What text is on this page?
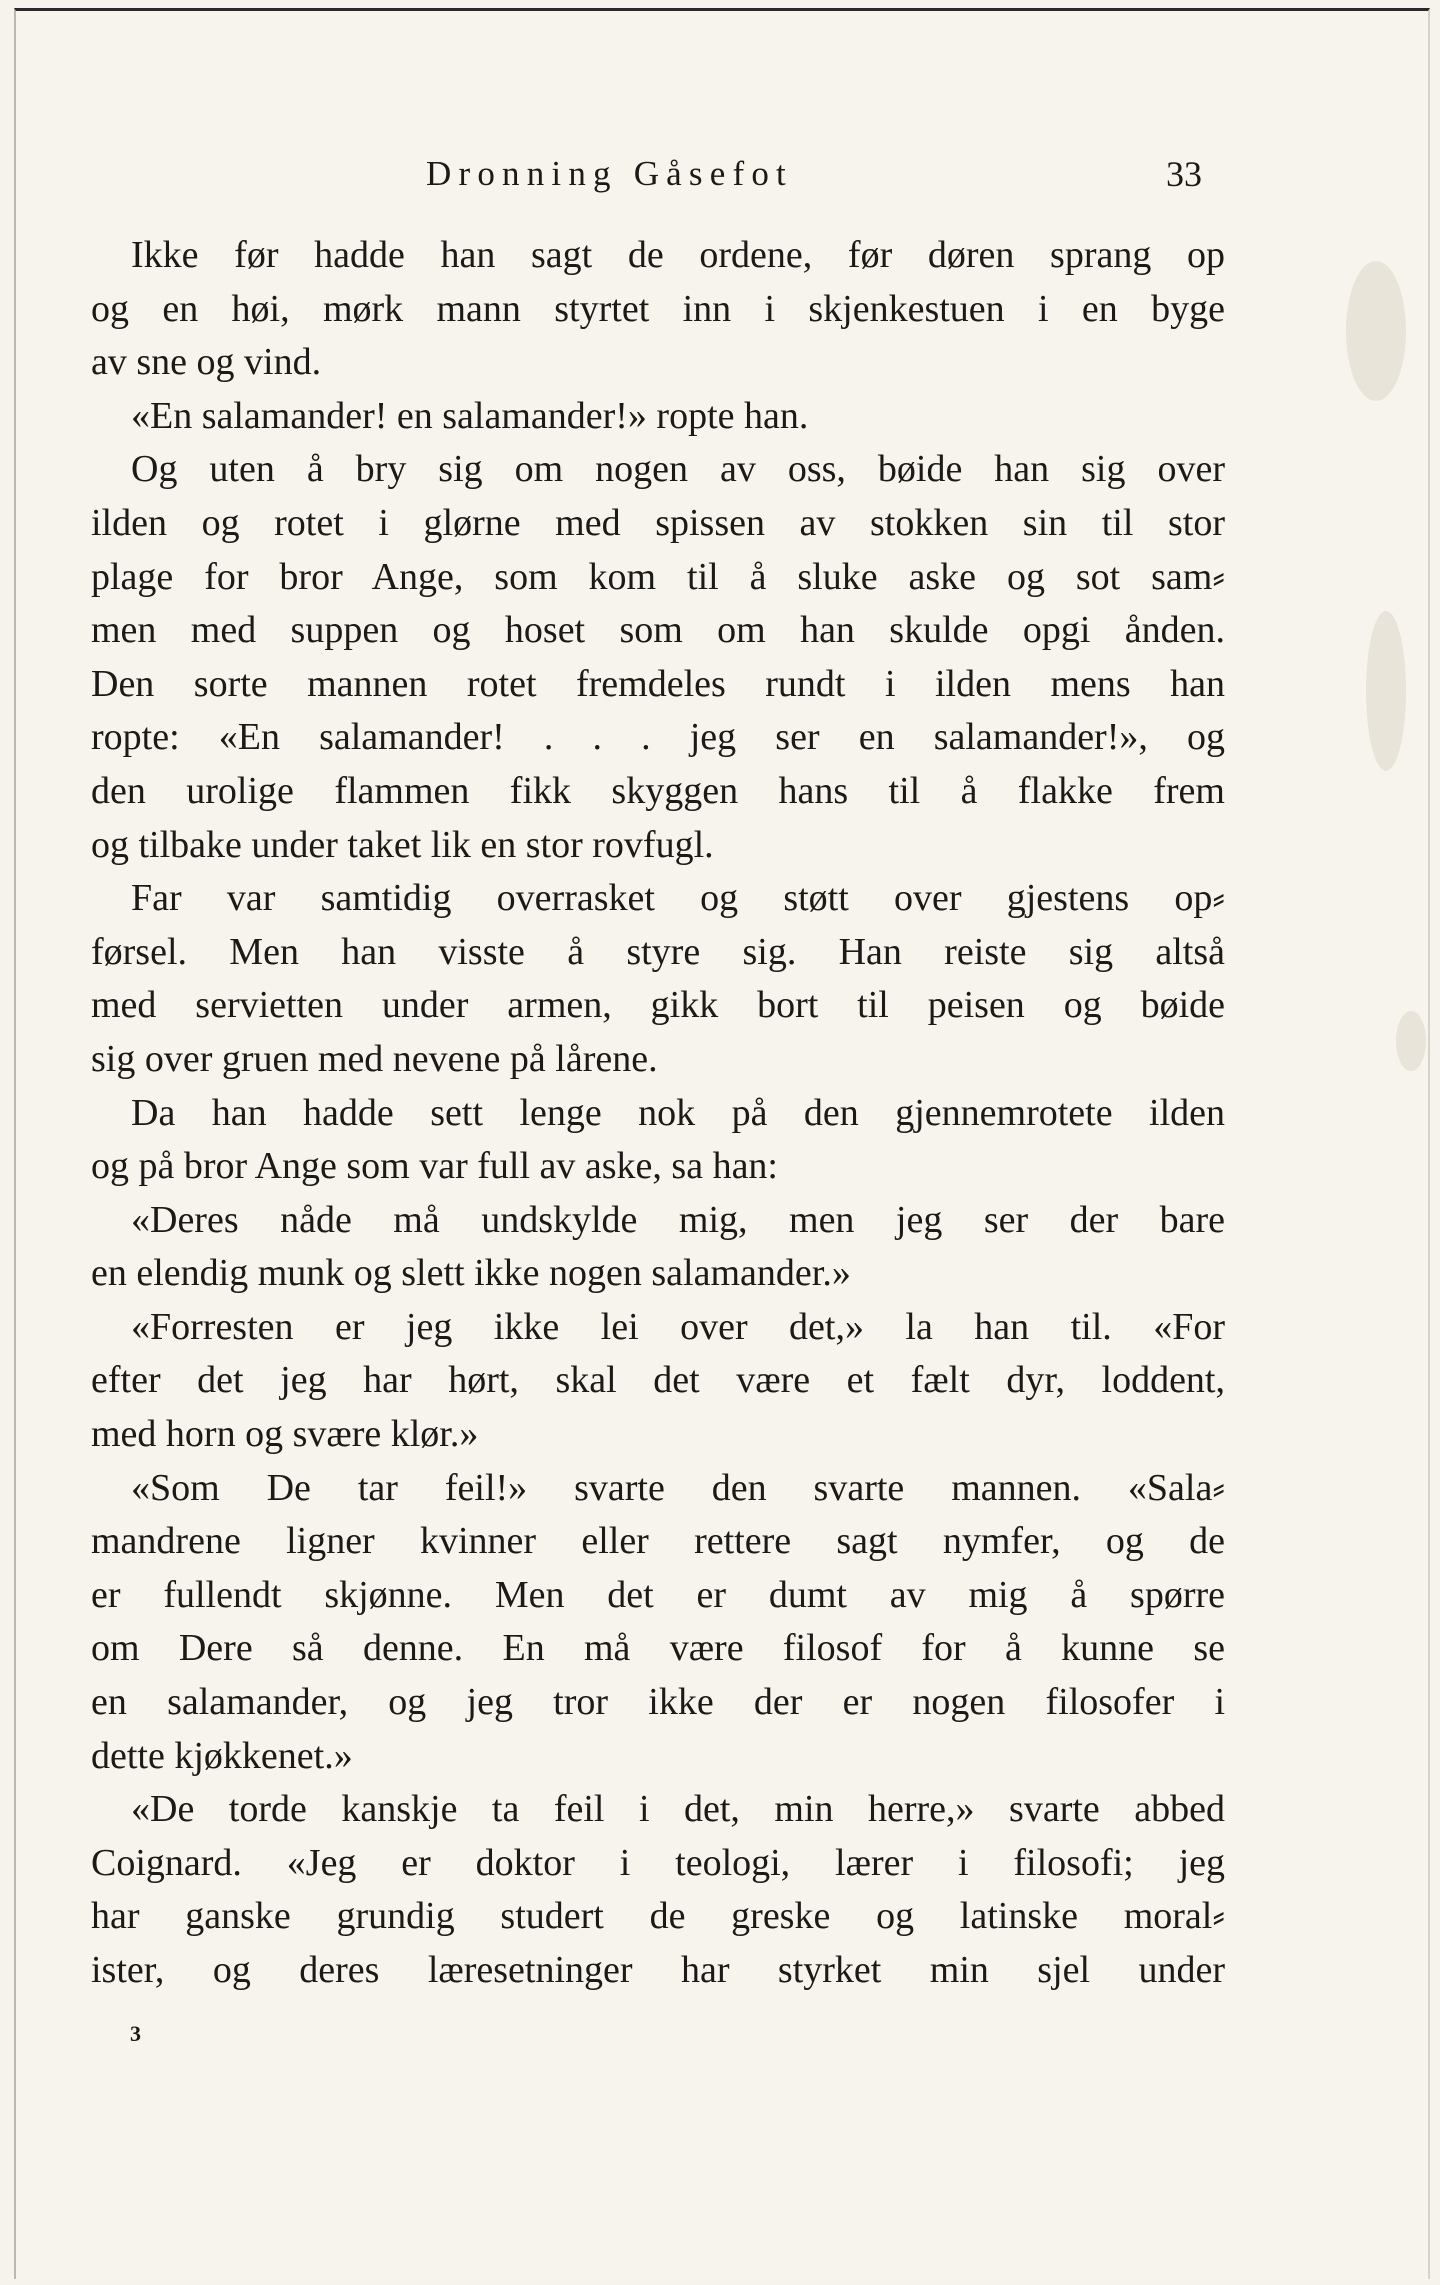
Dronning Gåsefot	33
Ikke før hadde han sagt de ordene, før døren sprang op
og en høi, mørk mann styrtet inn i skjenkestuen i en byge
av sne og vind.
«En salamander! en salamander!» ropte han.
Og uten å bry sig om nogen av oss, bøide han sig over
ilden og rotet i glørne med spissen av stokken sin til stor
plage for bror Ange, som kom til å sluke aske og sot sam⸗
men med suppen og hoset som om han skulde opgi ånden.
Den sorte mannen rotet fremdeles rundt i ilden mens han
ropte: «En salamander! . . . jeg ser en salamander!», og
den urolige flammen fikk skyggen hans til å flakke frem
og tilbake under taket lik en stor rovfugl.
Far var samtidig overrasket og støtt over gjestens op⸗
førsel. Men han visste å styre sig. Han reiste sig altså
med servietten under armen, gikk bort til peisen og bøide
sig over gruen med nevene på lårene.
Da han hadde sett lenge nok på den gjennemrotete ilden
og på bror Ange som var full av aske, sa han:
«Deres nåde må undskylde mig, men jeg ser der bare
en elendig munk og slett ikke nogen salamander.»
«Forresten er jeg ikke lei over det,» la han til. «For
efter det jeg har hørt, skal det være et fælt dyr, loddent,
med horn og svære klør.»
«Som De tar feil!» svarte den svarte mannen. «Sala⸗
mandrene ligner kvinner eller rettere sagt nymfer, og de
er fullendt skjønne. Men det er dumt av mig å spørre
om Dere så denne. En må være filosof for å kunne se
en salamander, og jeg tror ikke der er nogen filosofer i
dette kjøkkenet.»
«De torde kanskje ta feil i det, min herre,» svarte abbed
Coignard. «Jeg er doktor i teologi, lærer i filosofi; jeg
har ganske grundig studert de greske og latinske moral⸗
ister, og deres læresetninger har styrket min sjel under
3
